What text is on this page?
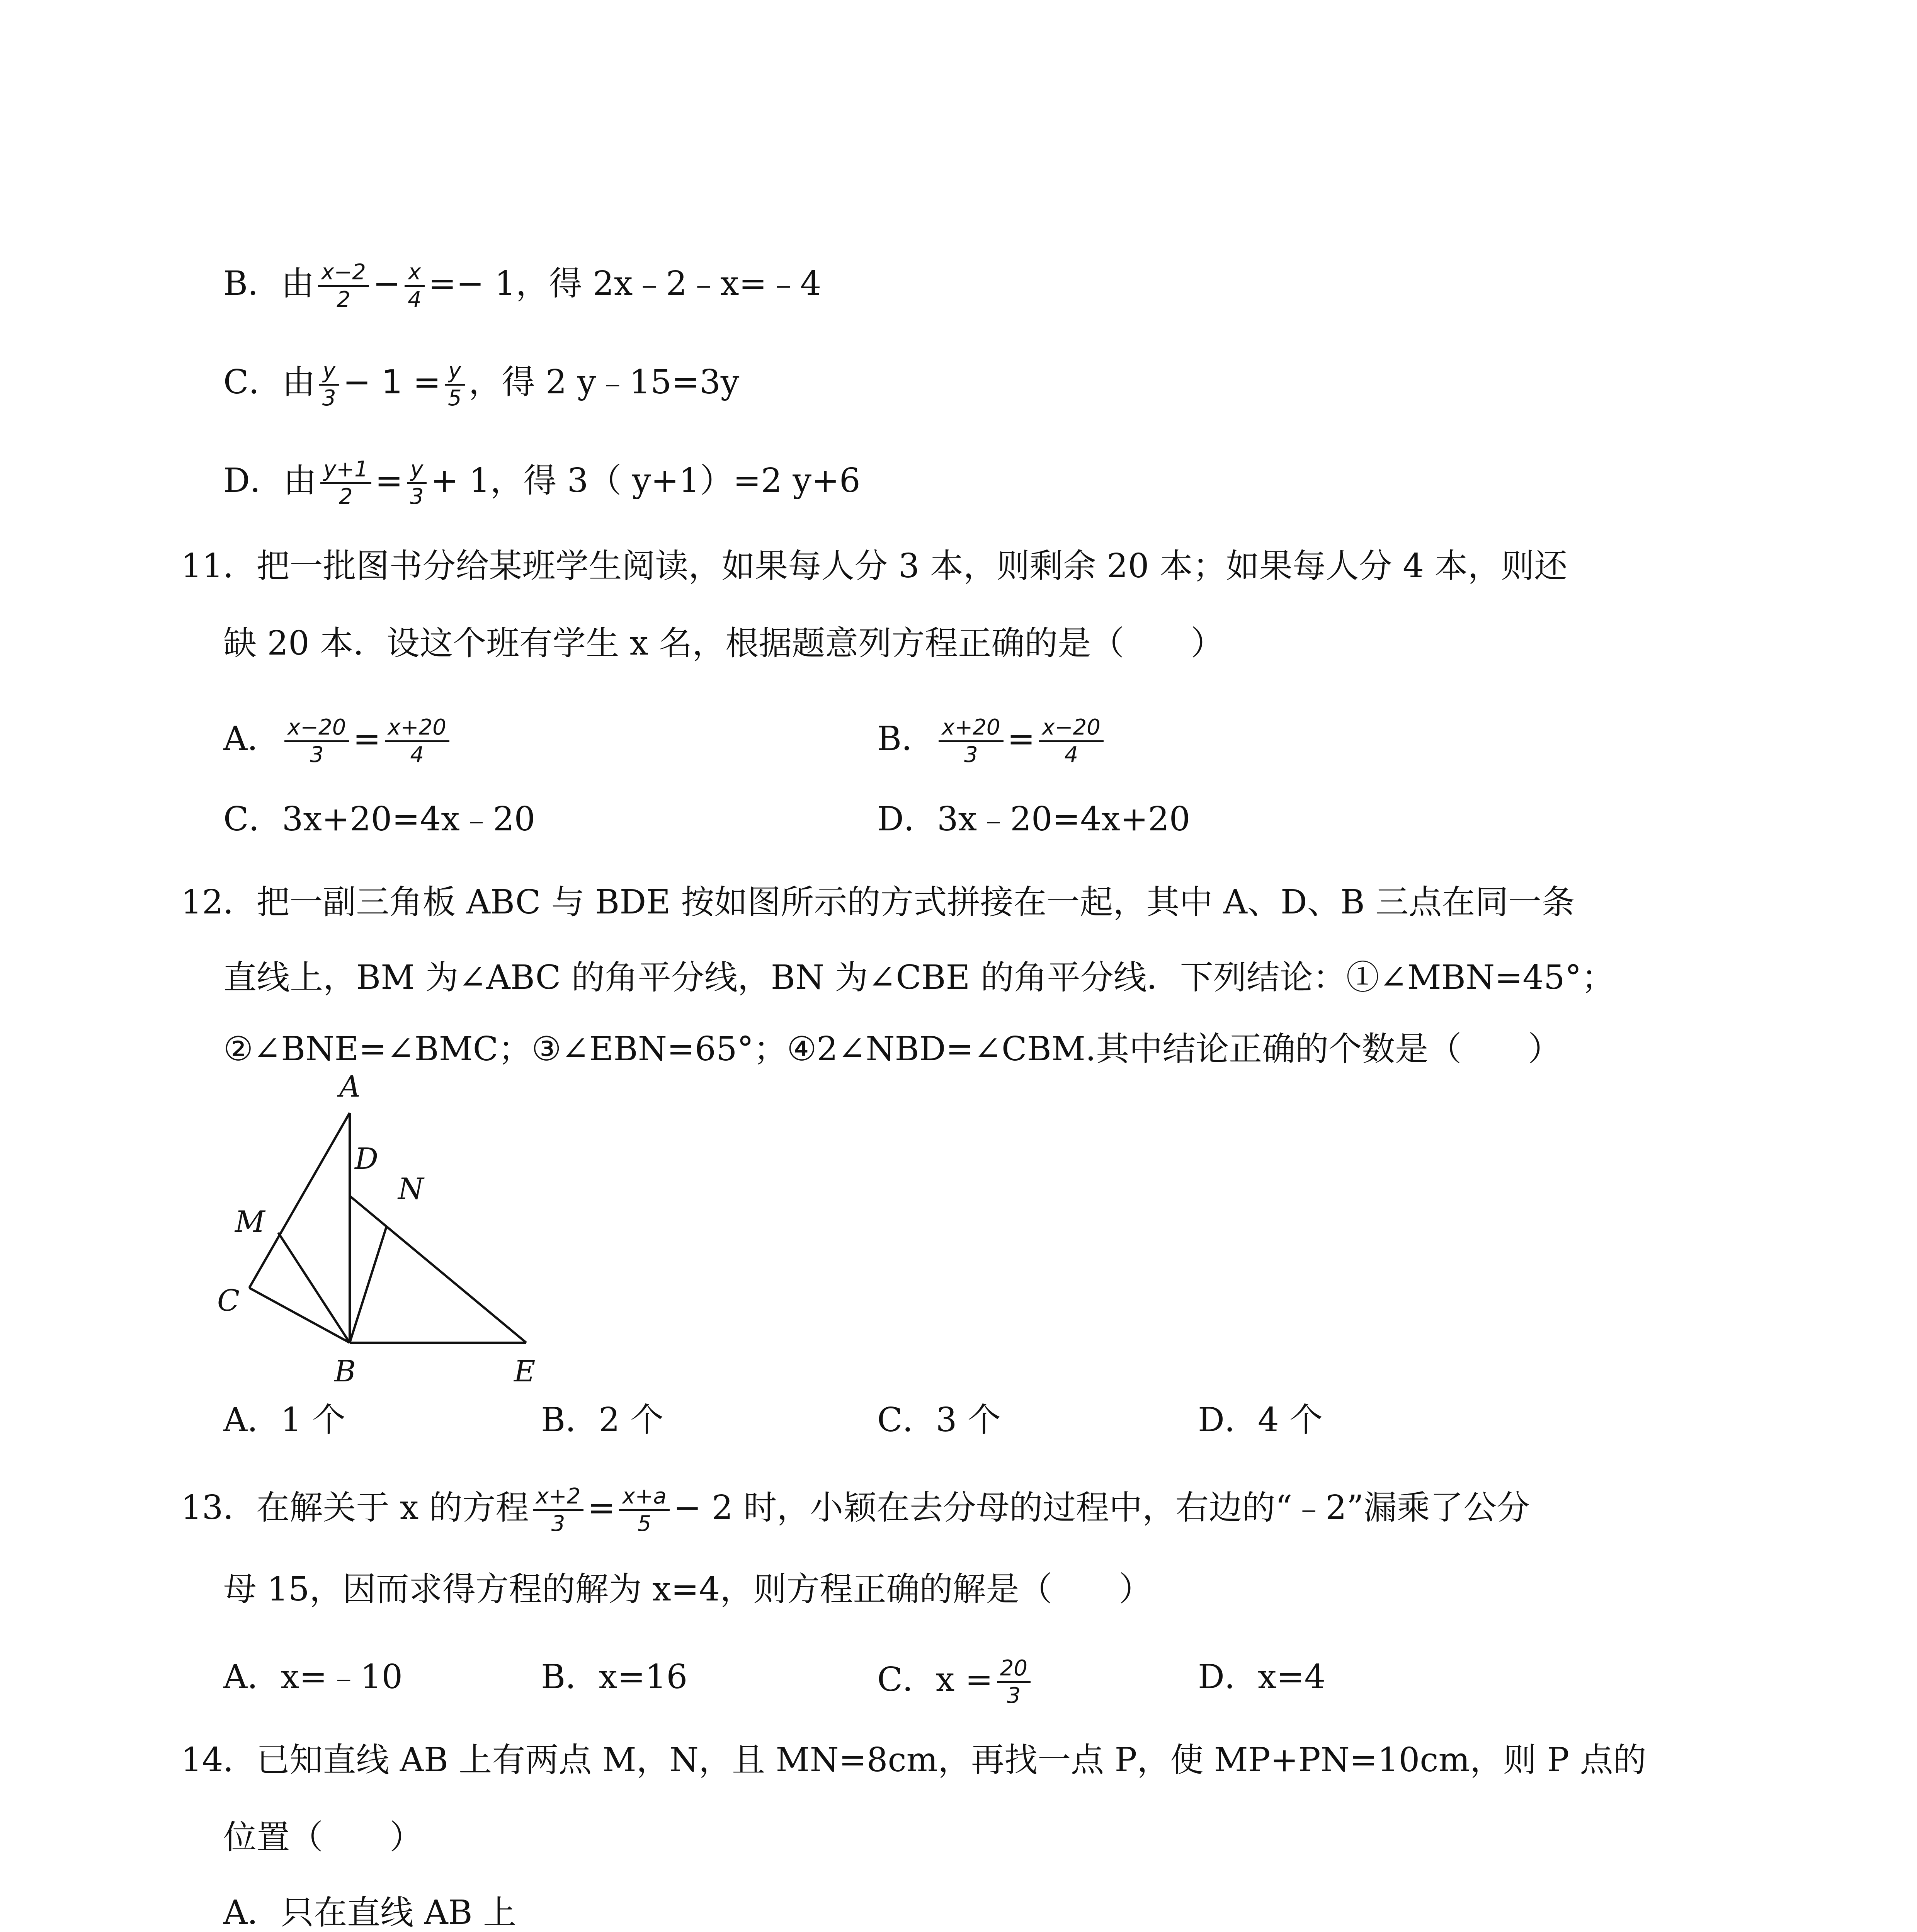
B．由 $\frac{x-2}{2} - \frac{x}{4} =- 1$，得 2x﹣2﹣x=﹣4
C．由 $\frac{y}{3} - 1 = \frac{y}{5}$ ，得 2 y﹣15=3y
D．由 $\frac{y+1}{2} = \frac{y}{3} + 1$，得 3（ y+1）=2 y+6
11．把一批图书分给某班学生阅读，如果每人分 3 本，则剩余 20 本；如果每人分 4 本，则还
缺 20 本．设这个班有学生 x 名，根据题意列方程正确的是（　　）
A． $\frac{x-20}{3} = \frac{x+20}{4}$	B． $\frac{x+20}{3} = \frac{x-20}{4}$
C．3x+20=4x﹣20	D．3x﹣20=4x+20
12．把一副三角板 ABC 与 BDE 按如图所示的方式拼接在一起，其中 A、D、B 三点在同一条
直线上，BM 为∠ABC 的角平分线，BN 为∠CBE 的角平分线．下列结论：①∠MBN=45°；
②∠BNE=∠BMC；③∠EBN=65°；④2∠NBD=∠CBM.其中结论正确的个数是（　　）
A
D
N
M
C
B	E
A．1 个	B．2 个	C．3 个	D．4 个
13．在解关于 x 的方程 $\frac{x+2}{3} = \frac{x+a}{5} - 2$ 时，小颖在去分母的过程中，右边的“﹣2”漏乘了公分
母 15，因而求得方程的解为 x=4，则方程正确的解是（　　）
A．x=﹣10	B．x=16	C．$x = \frac{20}{3}$	D．x=4
14．已知直线 AB 上有两点 M，N，且 MN=8cm，再找一点 P，使 MP+PN=10cm，则 P 点的
位置（　　）
A．只在直线 AB 上
